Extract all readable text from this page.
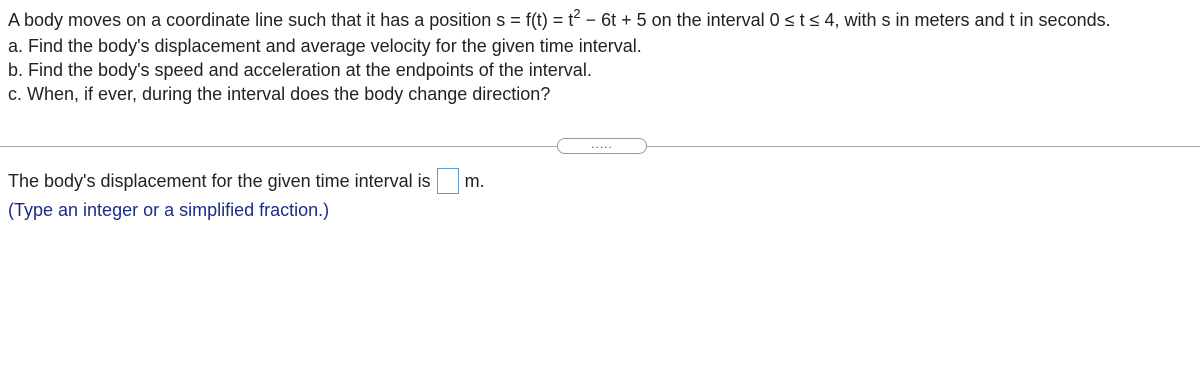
A body moves on a coordinate line such that it has a position $s = f(t) = t^2 - 6t + 5$ on the interval 0 ≤ t ≤ 4, with s in meters and t in seconds.
a. Find the body's displacement and average velocity for the given time interval.
b. Find the body's speed and acceleration at the endpoints of the interval.
c. When, if ever, during the interval does the body change direction?
.....
The body's displacement for the given time interval is m.
(Type an integer or a simplified fraction.)
